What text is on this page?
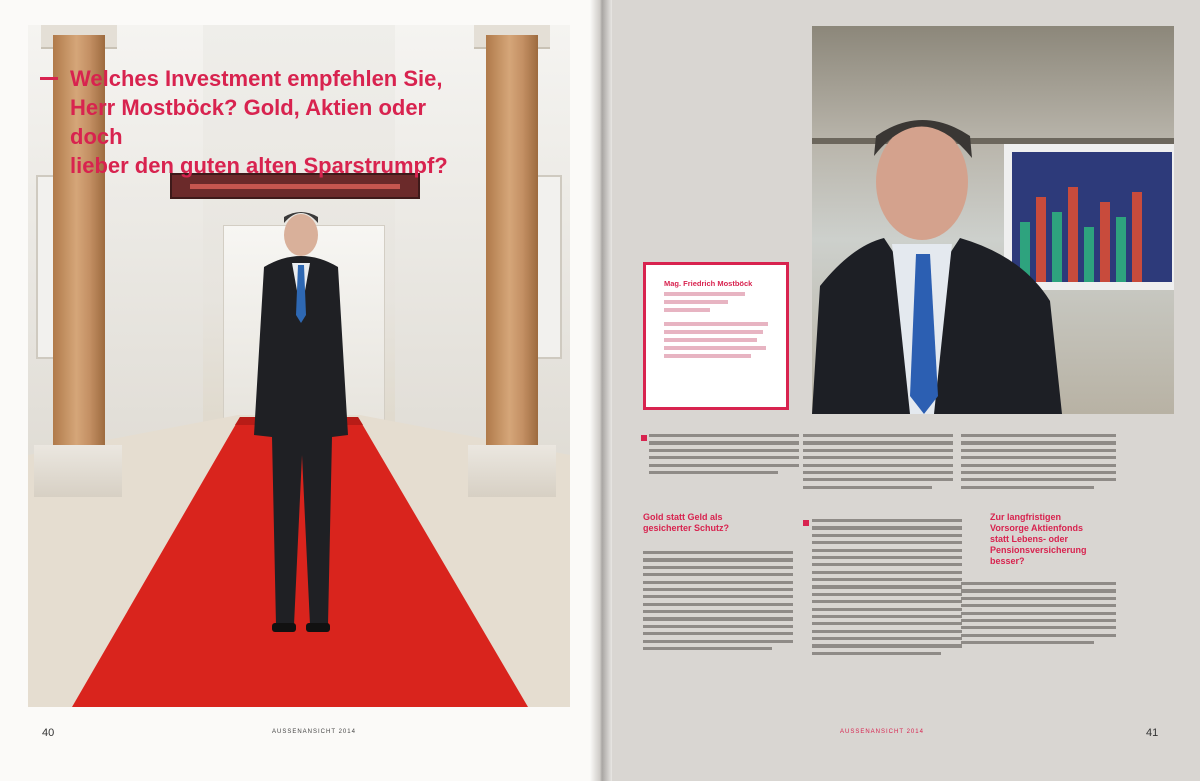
Welches Investment empfehlen Sie,
Herr Mostböck? Gold, Aktien oder doch
lieber den guten alten Sparstrumpf?
40	AUSSENANSICHT 2014
Mag. Friedrich Mostböck

Gold statt Geld als
gesicherter Schutz?

Zur langfristigen
Vorsorge Aktienfonds
statt Lebens- oder
Pensionsversicherung
besser?

AUSSENANSICHT 2014	41
